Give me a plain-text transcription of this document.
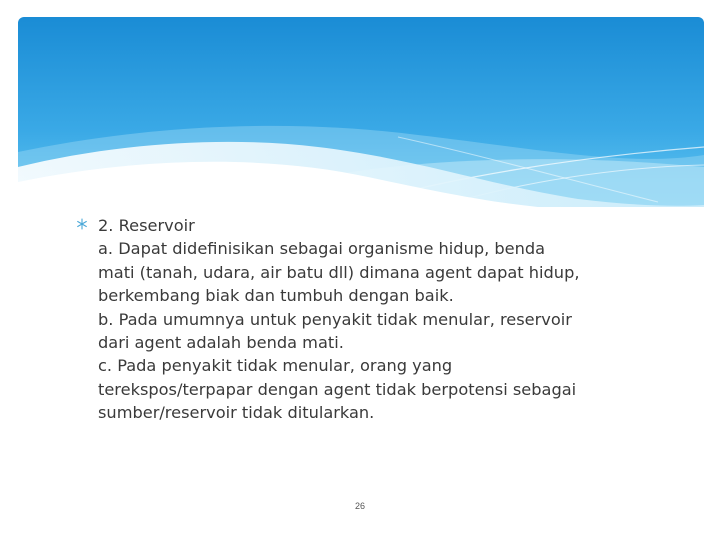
2. Reservoir
a. Dapat didefinisikan sebagai organisme hidup, benda
mati (tanah, udara, air batu dll) dimana agent dapat hidup,
berkembang biak dan tumbuh dengan baik.
b. Pada umumnya untuk penyakit tidak menular, reservoir
dari agent adalah benda mati.
c. Pada penyakit tidak menular, orang yang
terekspos/terpapar dengan agent tidak berpotensi sebagai
sumber/reservoir tidak ditularkan.
26
